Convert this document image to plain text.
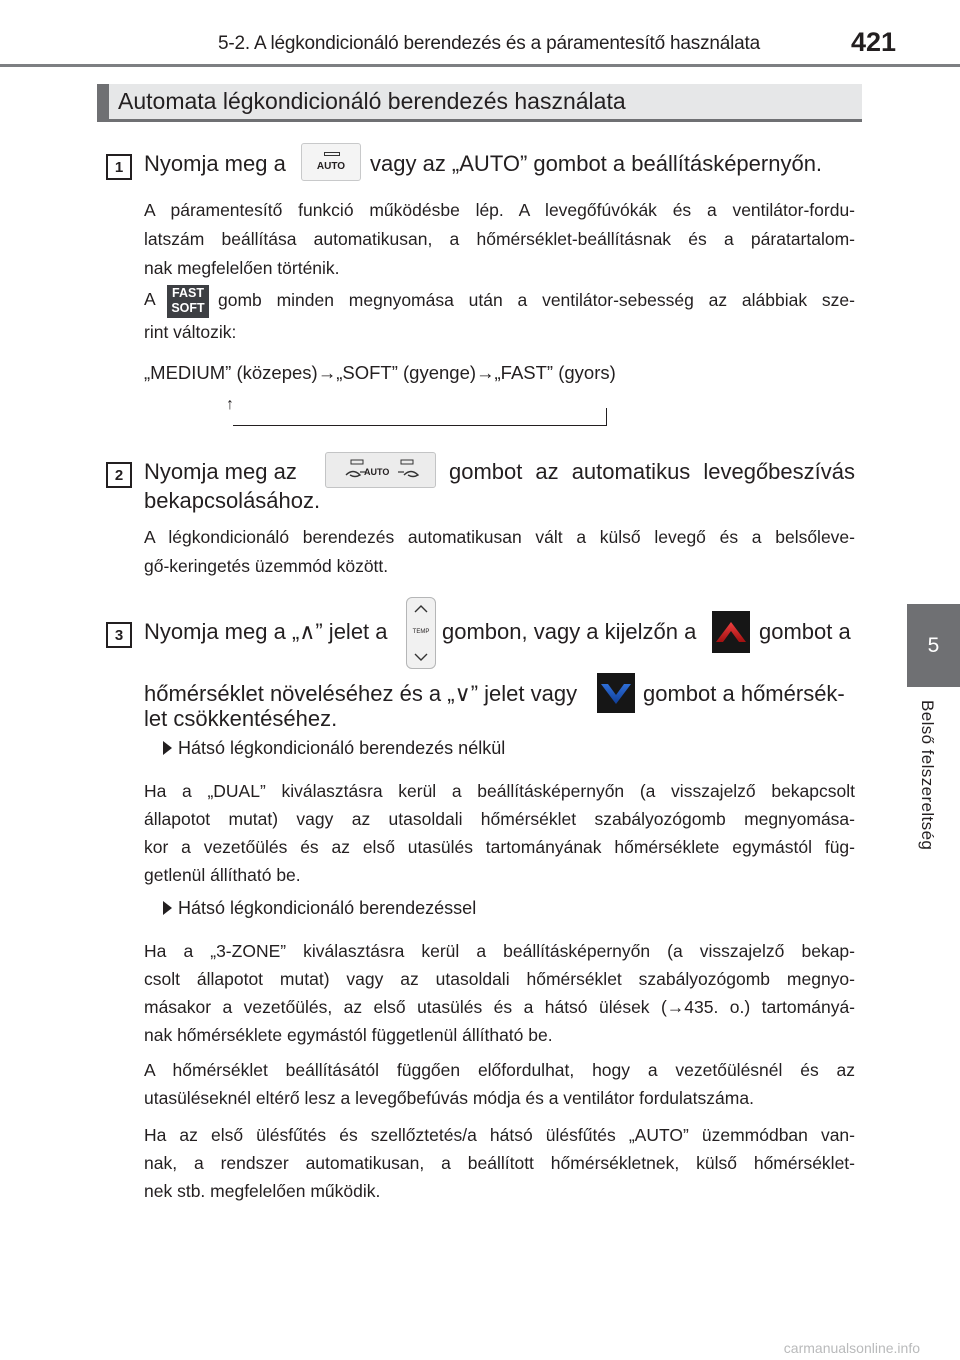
5-2. A légkondicionáló berendezés és a páramentesítő használata	421
5
Belső felszereltség
Automata légkondicionáló berendezés használata
1 Nyomja meg a	AUTO	vagy az „AUTO” gombot a beállításképernyőn.
A páramentesítő funkció működésbe lép. A levegőfúvókák és a ventilátor-fordu-
latszám beállítása automatikusan, a hőmérséklet-beállításnak és a páratartalom-
nak megfelelően történik.
A	FAST
SOFT gomb minden megnyomása után a ventilátor-sebesség az alábbiak sze-
rint változik:
„MEDIUM” (közepes)→„SOFT” (gyenge)→„FAST” (gyors)
↑
2 Nyomja meg az	AUTO	gombot az automatikus levegőbeszívás
bekapcsolásához.
A légkondicionáló berendezés automatikusan vált a külső levegő és a belsőleve-
gő-keringetés üzemmód között.
3 Nyomja meg a „∧” jelet a	TEMP gombon, vagy a kijelzőn a	gombot a
hőmérséklet növeléséhez és a „∨” jelet vagy	gombot a hőmérsék-
let csökkentéséhez.
Hátsó légkondicionáló berendezés nélkül
Ha a „DUAL” kiválasztásra kerül a beállításképernyőn (a visszajelző bekapcsolt
állapotot mutat) vagy az utasoldali hőmérséklet szabályozógomb megnyomása-
kor a vezetőülés és az első utasülés tartományának hőmérséklete egymástól füg-
getlenül állítható be.
Hátsó légkondicionáló berendezéssel
Ha a „3-ZONE” kiválasztásra kerül a beállításképernyőn (a visszajelző bekap-
csolt állapotot mutat) vagy az utasoldali hőmérséklet szabályozógomb megnyo-
másakor a vezetőülés, az első utasülés és a hátsó ülések (→435. o.) tartományá-
nak hőmérséklete egymástól függetlenül állítható be.
A hőmérséklet beállításától függően előfordulhat, hogy a vezetőülésnél és az
utasüléseknél eltérő lesz a levegőbefúvás módja és a ventilátor fordulatszáma.
Ha az első ülésfűtés és szellőztetés/a hátsó ülésfűtés „AUTO” üzemmódban van-
nak, a rendszer automatikusan, a beállított hőmérsékletnek, külső hőmérséklet-
nek stb. megfelelően működik.
carmanualsonline.info
